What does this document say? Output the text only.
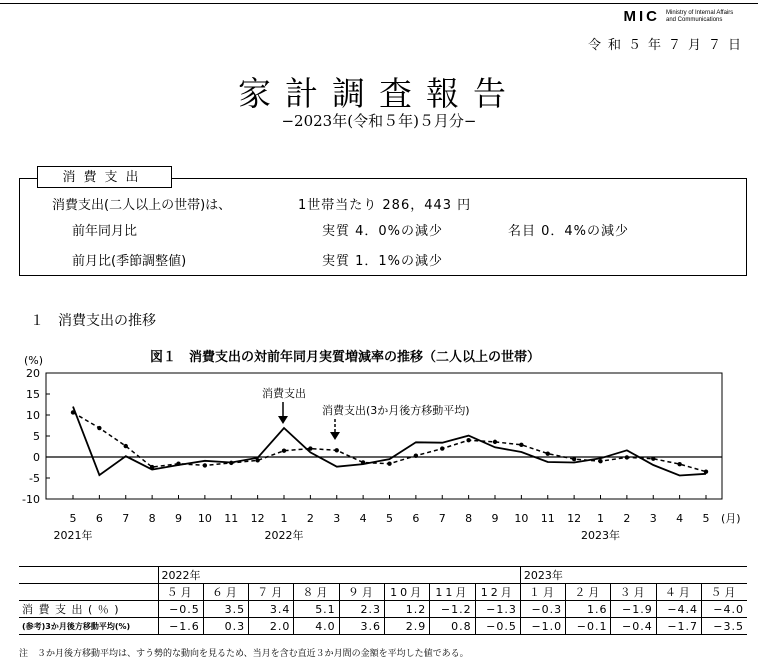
MIC Ministry of Internal Affairs
and Communications
令和５年７月７日
家計調査報告
−2023年(令和５年)５月分−
消費支出
消費支出(二人以上の世帯)は、	1世帯当たり 286，443 円
前年同月比	実質 4．0%の減少	名目 0．4%の減少
前月比(季節調整値)	実質 1．1%の減少
１　消費支出の推移
図１　消費支出の対前年同月実質増減率の推移（二人以上の世帯）
20
15
10
5
0
-5
-10
(%)
5 6 7 8 9 10 11 12 1 2 3 4 5 6 7 8 9 10 11 12 1 2 3 4 5 (月)
2021年	2022年	2023年
消費支出
消費支出(3か月後方移動平均)
	2022年								2023年				
	５月	６月	７月	８月	９月	10月	11月	12月	１月	２月	３月	４月	５月
消 費 支 出 ( ％ )	−0.5	3.5	3.4	5.1	2.3	1.2	−1.2	−1.3	−0.3	1.6	−1.9	−4.4	−4.0
(参考)3か月後方移動平均(%)	−1.6	0.3	2.0	4.0	3.6	2.9	0.8	−0.5	−1.0	−0.1	−0.4	−1.7	−3.5
注　３か月後方移動平均は、すう勢的な動向を見るため、当月を含む直近３か月間の金額を平均した値である。
